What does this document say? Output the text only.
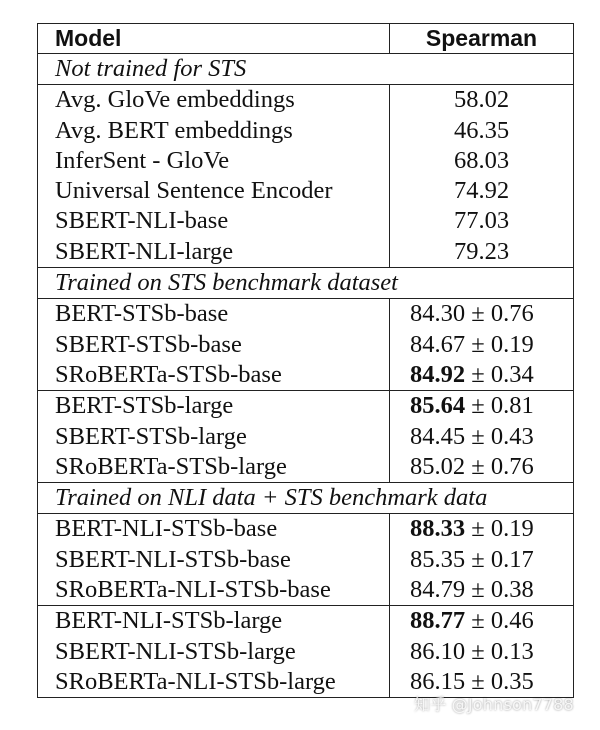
Model	Spearman
Not trained for STS	
Avg. GloVe embeddings	58.02
Avg. BERT embeddings	46.35
InferSent - GloVe	68.03
Universal Sentence Encoder	74.92
SBERT-NLI-base	77.03
SBERT-NLI-large	79.23
Trained on STS benchmark dataset	
BERT-STSb-base	84.30 ± 0.76
SBERT-STSb-base	84.67 ± 0.19
SRoBERTa-STSb-base	84.92 ± 0.34
BERT-STSb-large	85.64 ± 0.81
SBERT-STSb-large	84.45 ± 0.43
SRoBERTa-STSb-large	85.02 ± 0.76
Trained on NLI data + STS benchmark data	
BERT-NLI-STSb-base	88.33 ± 0.19
SBERT-NLI-STSb-base	85.35 ± 0.17
SRoBERTa-NLI-STSb-base	84.79 ± 0.38
BERT-NLI-STSb-large	88.77 ± 0.46
SBERT-NLI-STSb-large	86.10 ± 0.13
SRoBERTa-NLI-STSb-large	86.15 ± 0.35
知乎 @Johnson7788
